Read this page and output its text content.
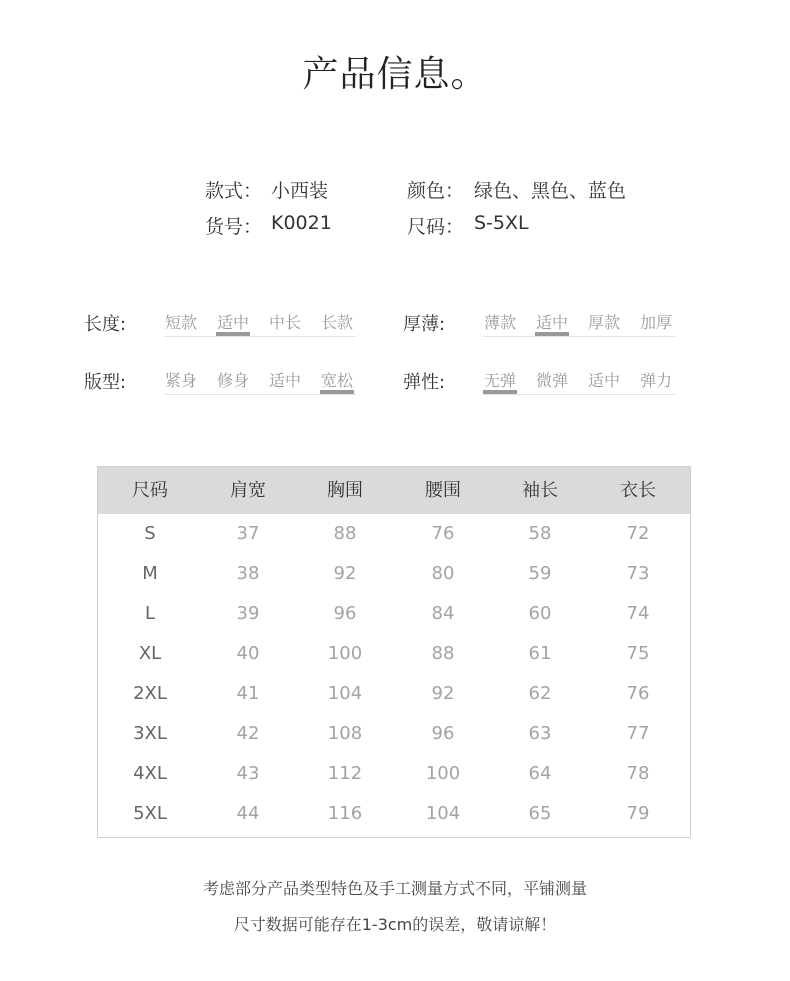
产品信息。
款式： 小西装	颜色： 绿色、黑色、蓝色
货号： K0021	尺码： S-5XL
长度: 短款 适中 中长 长款	厚薄: 薄款 适中 厚款 加厚
版型: 紧身 修身 适中 宽松	弹性: 无弹 微弹 适中 弹力
尺码	肩宽	胸围	腰围	袖长	衣长
S	37	88	76	58	72
M	38	92	80	59	73
L	39	96	84	60	74
XL	40	100	88	61	75
2XL	41	104	92	62	76
3XL	42	108	96	63	77
4XL	43	112	100	64	78
5XL	44	116	104	65	79
考虑部分产品类型特色及手工测量方式不同，平铺测量
尺寸数据可能存在1-3cm的误差，敬请谅解！
